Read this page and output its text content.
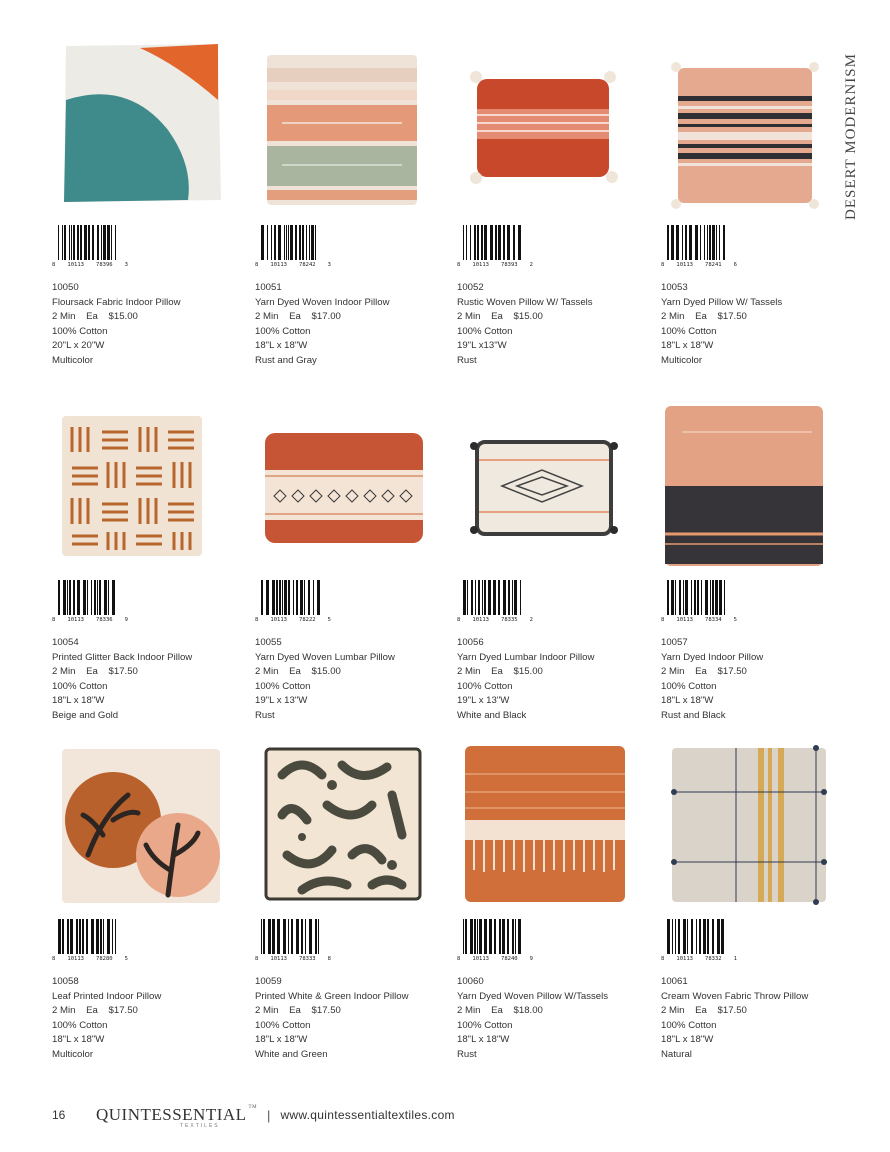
DESERT MODERNISM
8 10113 78396 3
10050
Floursack Fabric Indoor Pillow
2 Min    Ea    $15.00
100% Cotton
20"L x 20"W
Multicolor
8 10113 78242 3
10051
Yarn Dyed Woven Indoor Pillow
2 Min    Ea    $17.00
100% Cotton
18"L x 18"W
Rust and Gray
8 10113 78393 2
10052
Rustic Woven Pillow W/ Tassels
2 Min    Ea    $15.00
100% Cotton
19"L x13"W
Rust
8 10113 78241 6
10053
Yarn Dyed Pillow W/ Tassels
2 Min    Ea    $17.50
100% Cotton
18"L x 18"W
Multicolor
8 10113 78336 9
10054
Printed Glitter Back Indoor Pillow
2 Min    Ea    $17.50
100% Cotton
18"L x 18"W
Beige and Gold
8 10113 78222 5
10055
Yarn Dyed Woven Lumbar Pillow
2 Min    Ea    $15.00
100% Cotton
19"L x 13"W
Rust
8 10113 78335 2
10056
Yarn Dyed Lumbar Indoor Pillow
2 Min    Ea    $15.00
100% Cotton
19"L x 13"W
White and Black
8 10113 78334 5
10057
Yarn Dyed Indoor Pillow
2 Min    Ea    $17.50
100% Cotton
18"L x 18"W
Rust and Black
8 10113 78280 5
10058
Leaf Printed Indoor Pillow
2 Min    Ea    $17.50
100% Cotton
18"L x 18"W
Multicolor
8 10113 78333 8
10059
Printed White & Green Indoor Pillow
2 Min    Ea    $17.50
100% Cotton
18"L x 18"W
White and Green
8 10113 78240 9
10060
Yarn Dyed Woven Pillow W/Tassels
2 Min    Ea    $18.00
100% Cotton
18"L x 18"W
Rust
8 10113 78332 1
10061
Cream Woven Fabric Throw Pillow
2 Min    Ea    $17.50
100% Cotton
18"L x 18"W
Natural
16	QUINTESSENTIAL ™
TEXTILES
| www.quintessentialtextiles.com
